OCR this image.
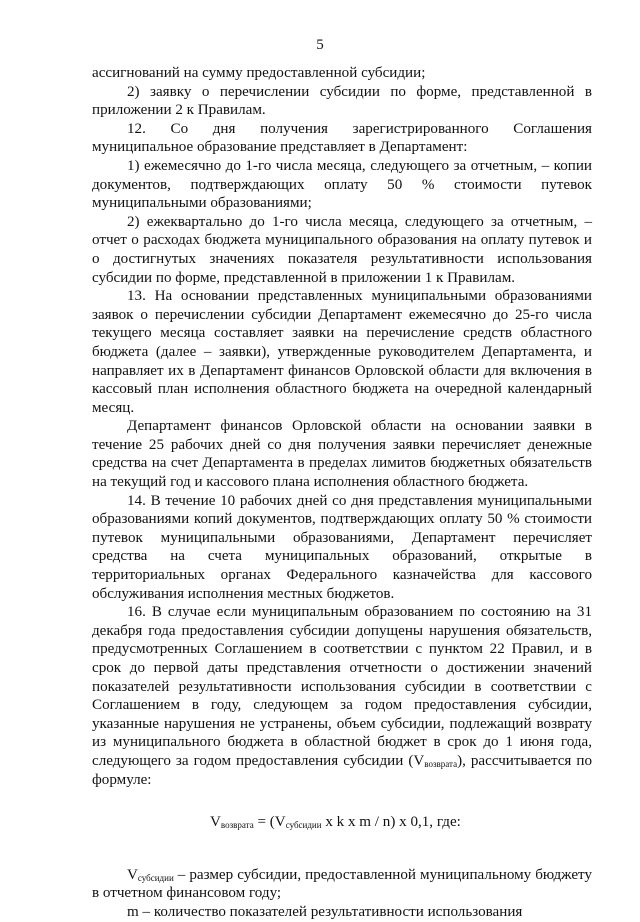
5

ассигнований на сумму предоставленной субсидии;

2) заявку о перечислении субсидии по форме, представленной в приложении 2 к Правилам.

12. Со дня получения зарегистрированного Соглашения муниципальное образование представляет в Департамент:

1) ежемесячно до 1-го числа месяца, следующего за отчетным, – копии документов, подтверждающих оплату 50 % стоимости путевок муниципальными образованиями;

2) ежеквартально до 1-го числа месяца, следующего за отчетным, – отчет о расходах бюджета муниципального образования на оплату путевок и о достигнутых значениях показателя результативности использования субсидии по форме, представленной в приложении 1 к Правилам.

13. На основании представленных муниципальными образованиями заявок о перечислении субсидии Департамент ежемесячно до 25-го числа текущего месяца составляет заявки на перечисление средств областного бюджета (далее – заявки), утвержденные руководителем Департамента, и направляет их в Департамент финансов Орловской области для включения в кассовый план исполнения областного бюджета на очередной календарный месяц.

Департамент финансов Орловской области на основании заявки в течение 25 рабочих дней со дня получения заявки перечисляет денежные средства на счет Департамента в пределах лимитов бюджетных обязательств на текущий год и кассового плана исполнения областного бюджета.

14. В течение 10 рабочих дней со дня представления муниципальными образованиями копий документов, подтверждающих оплату 50 % стоимости путевок муниципальными образованиями, Департамент перечисляет средства на счета муниципальных образований, открытые в территориальных органах Федерального казначейства для кассового обслуживания исполнения местных бюджетов.

16. В случае если муниципальным образованием по состоянию на 31 декабря года предоставления субсидии допущены нарушения обязательств, предусмотренных Соглашением в соответствии с пунктом 22 Правил, и в срок до первой даты представления отчетности о достижении значений показателей результативности использования субсидии в соответствии с Соглашением в году, следующем за годом предоставления субсидии, указанные нарушения не устранены, объем субсидии, подлежащий возврату из муниципального бюджета в областной бюджет в срок до 1 июня года, следующего за годом предоставления субсидии $(V_{возврата})$, рассчитывается по формуле:

$V_{возврата} = (V_{субсидии}$ x k x m / n) x 0,1, где:

$V_{субсидии}$ – размер субсидии, предоставленной муниципальному бюджету в отчетном финансовом году;

m – количество показателей результативности использования
